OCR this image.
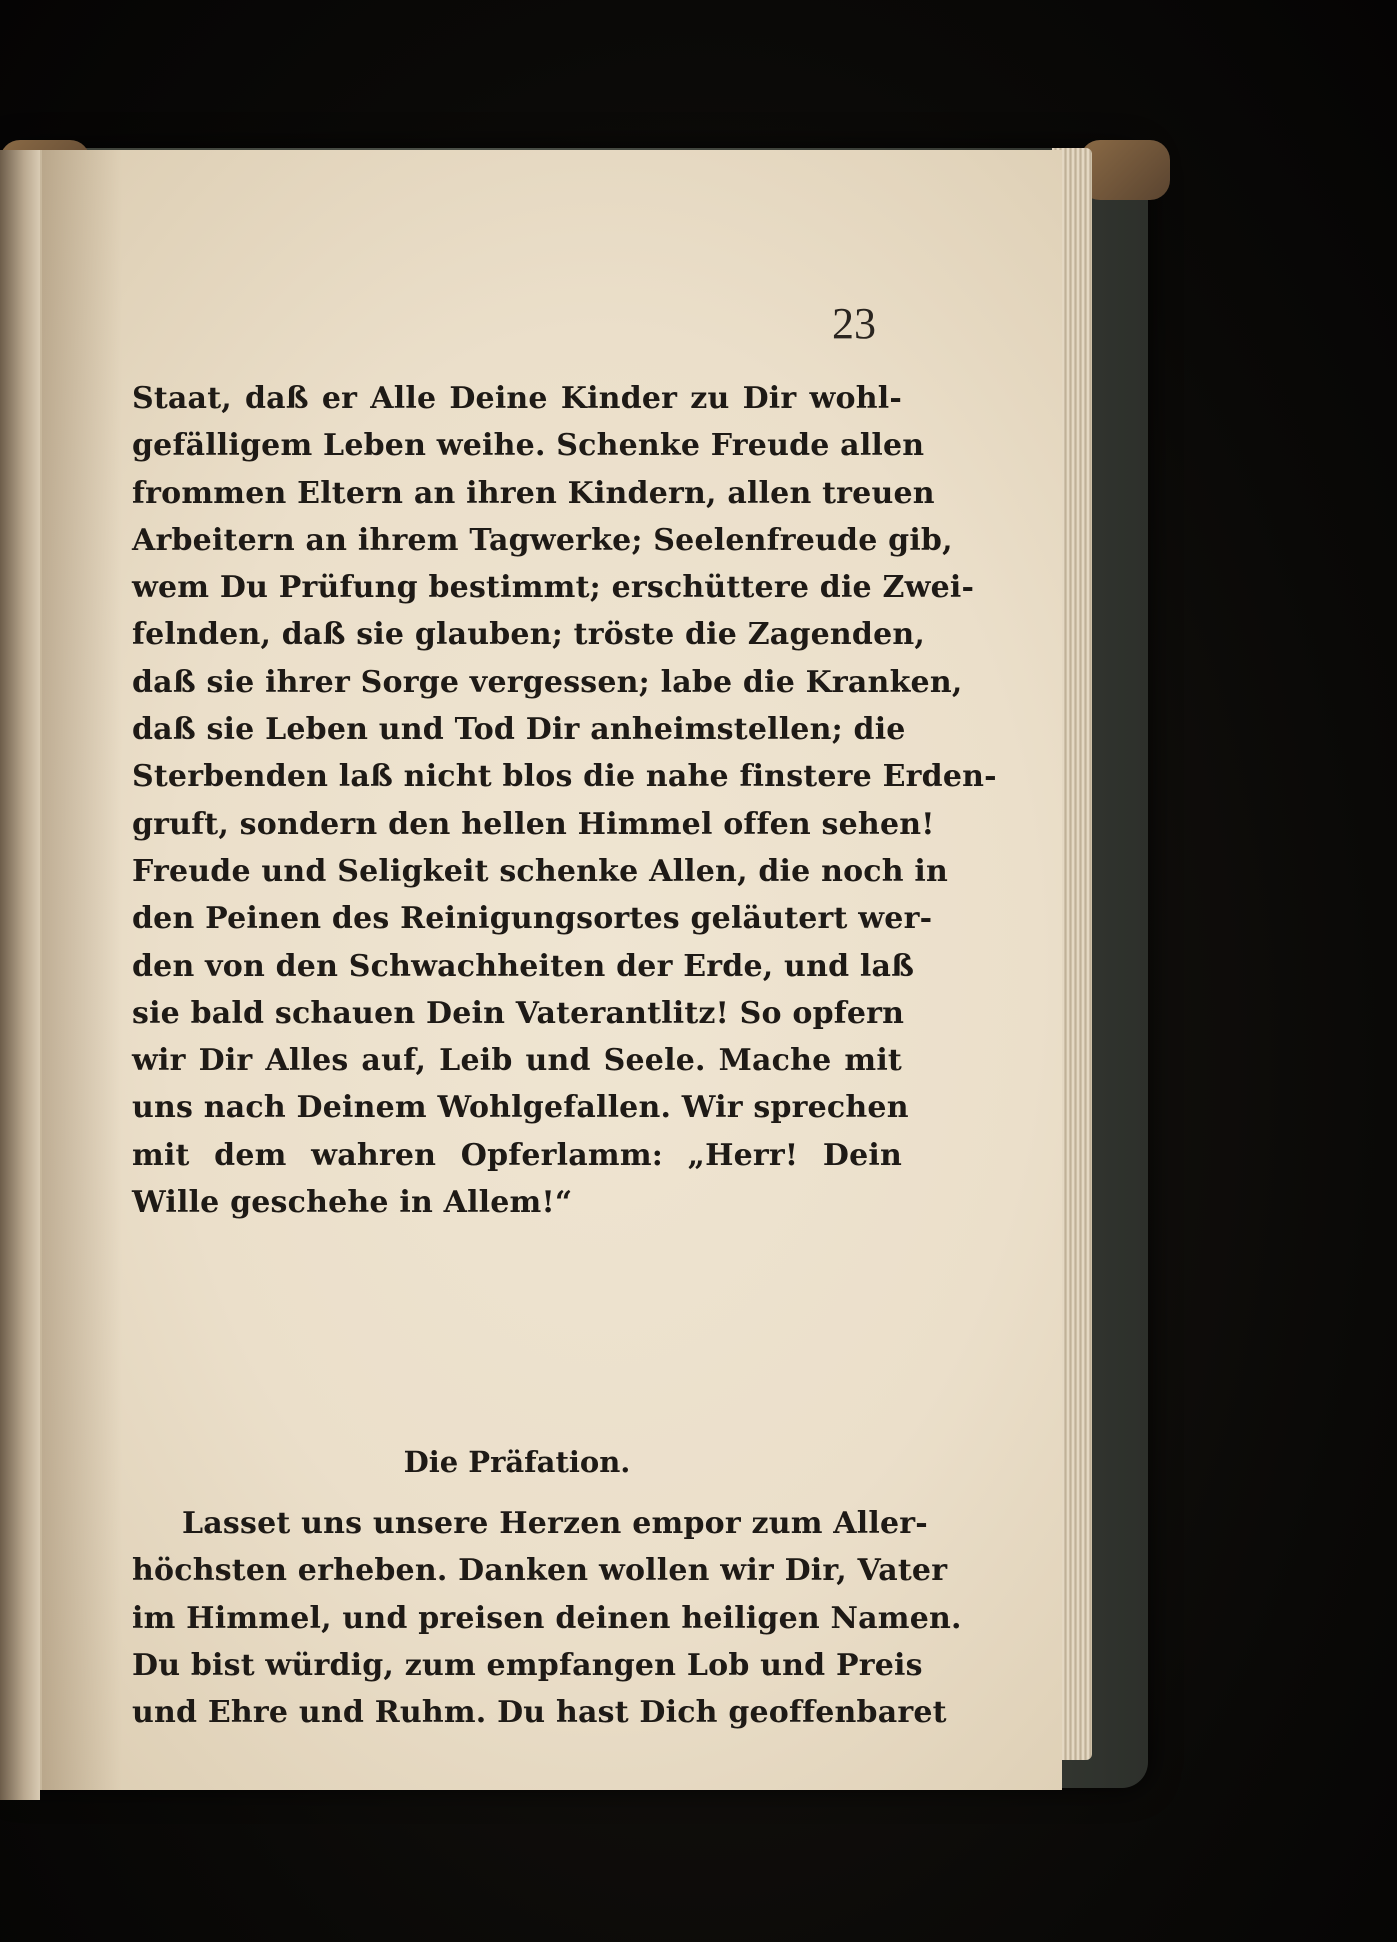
23
Staat, daß er Alle Deine Kinder zu Dir wohl-
gefälligem Leben weihe. Schenke Freude allen
frommen Eltern an ihren Kindern, allen treuen
Arbeitern an ihrem Tagwerke; Seelenfreude gib,
wem Du Prüfung bestimmt; erschüttere die Zwei-
felnden, daß sie glauben; tröste die Zagenden,
daß sie ihrer Sorge vergessen; labe die Kranken,
daß sie Leben und Tod Dir anheimstellen; die
Sterbenden laß nicht blos die nahe finstere Erden-
gruft, sondern den hellen Himmel offen sehen!
Freude und Seligkeit schenke Allen, die noch in
den Peinen des Reinigungsortes geläutert wer-
den von den Schwachheiten der Erde, und laß
sie bald schauen Dein Vaterantlitz! So opfern
wir Dir Alles auf, Leib und Seele. Mache mit
uns nach Deinem Wohlgefallen. Wir sprechen
mit dem wahren Opferlamm: „Herr! Dein
Wille geschehe in Allem!“
Die Präfation.
Lasset uns unsere Herzen empor zum Aller-
höchsten erheben. Danken wollen wir Dir, Vater
im Himmel, und preisen deinen heiligen Namen.
Du bist würdig, zum empfangen Lob und Preis
und Ehre und Ruhm. Du hast Dich geoffenbaret
